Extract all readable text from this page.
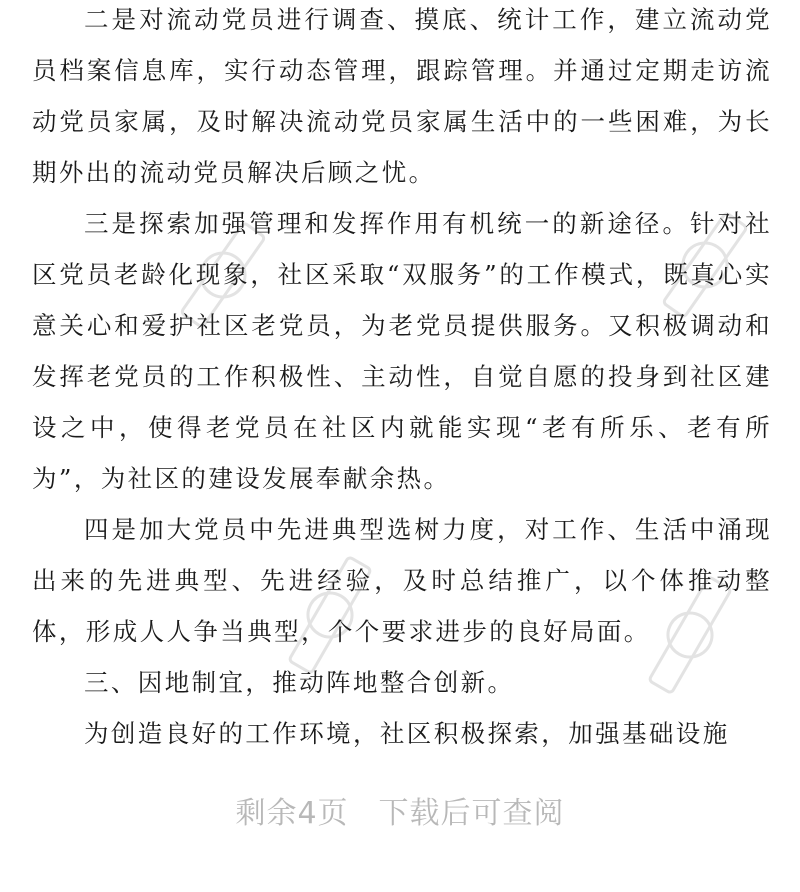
二是对流动党员进行调查、摸底、统计工作，建立流动党员档案信息库，实行动态管理，跟踪管理。并通过定期走访流动党员家属，及时解决流动党员家属生活中的一些困难，为长期外出的流动党员解决后顾之忧。

三是探索加强管理和发挥作用有机统一的新途径。针对社区党员老龄化现象，社区采取“双服务”的工作模式，既真心实意关心和爱护社区老党员，为老党员提供服务。又积极调动和发挥老党员的工作积极性、主动性，自觉自愿的投身到社区建设之中，使得老党员在社区内就能实现“老有所乐、老有所为”，为社区的建设发展奉献余热。

四是加大党员中先进典型选树力度，对工作、生活中涌现出来的先进典型、先进经验，及时总结推广，以个体推动整体，形成人人争当典型，个个要求进步的良好局面。

三、因地制宜，推动阵地整合创新。

为创造良好的工作环境，社区积极探索，加强基础设施

剩余4页 下载后可查阅
